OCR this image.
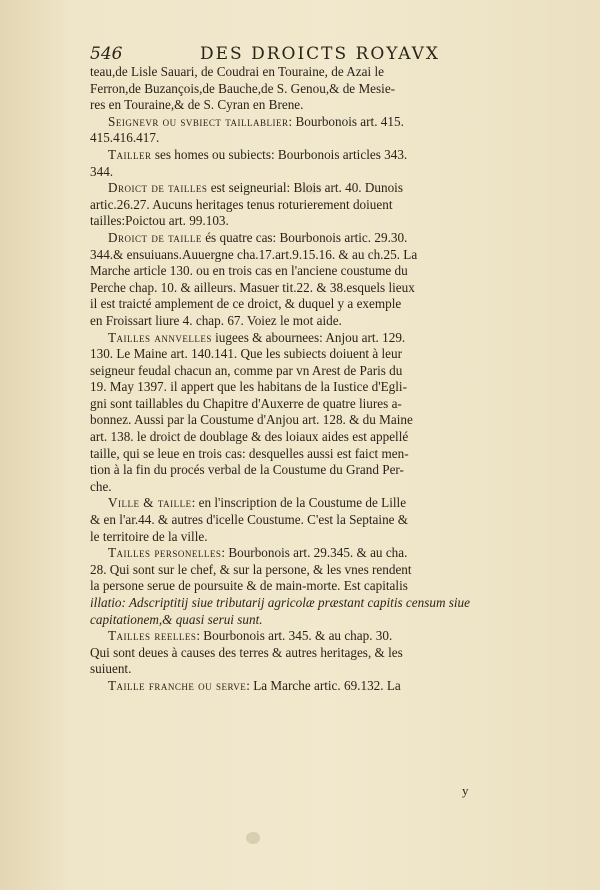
546	DES DROICTS ROYAVX

teau,de Lisle Sauari, de Coudrai en Touraine, de Azai le

Ferron,de Buzançois,de Bauche,de S. Genou,& de Mesie-

res en Touraine,& de S. Cyran en Brene.

Seignevr ou svbiect taillablier: Bourbonois art. 415.

415.416.417.

Tailler ses homes ou subiects: Bourbonois articles 343.

344.

Droict de tailles est seigneurial: Blois art. 40. Dunois

artic.26.27. Aucuns heritages tenus roturierement doiuent

tailles:Poictou art. 99.103.

Droict de taille és quatre cas: Bourbonois artic. 29.30.

344.& ensuiuans.Auuergne cha.17.art.9.15.16. & au ch.25. La

Marche article 130. ou en trois cas en l'anciene coustume du

Perche chap. 10. & ailleurs. Masuer tit.22. & 38.esquels lieux

il est traicté amplement de ce droict, & duquel y a exemple

en Froissart liure 4. chap. 67. Voiez le mot aide.

Tailles annvelles iugees & abournees: Anjou art. 129.

130. Le Maine art. 140.141. Que les subiects doiuent à leur

seigneur feudal chacun an, comme par vn Arest de Paris du

19. May 1397. il appert que les habitans de la Iustice d'Egli-

gni sont taillables du Chapitre d'Auxerre de quatre liures a-

bonnez. Aussi par la Coustume d'Anjou art. 128. & du Maine

art. 138. le droict de doublage & des loiaux aides est appellé

taille, qui se leue en trois cas: desquelles aussi est faict men-

tion à la fin du procés verbal de la Coustume du Grand Per-

che.

Ville & taille: en l'inscription de la Coustume de Lille

& en l'ar.44. & autres d'icelle Coustume. C'est la Septaine &

le territoire de la ville.

Tailles personelles: Bourbonois art. 29.345. & au cha.

28. Qui sont sur le chef, & sur la persone, & les vnes rendent

la persone serue de poursuite & de main-morte. Est capitalis

illatio: Adscriptitij siue tributarij agricolæ præstant capitis censum siue

capitationem,& quasi serui sunt.

Tailles reelles: Bourbonois art. 345. & au chap. 30.

Qui sont deues à causes des terres & autres heritages, & les

suiuent.

Taille franche ou serve: La Marche artic. 69.132. La

y
